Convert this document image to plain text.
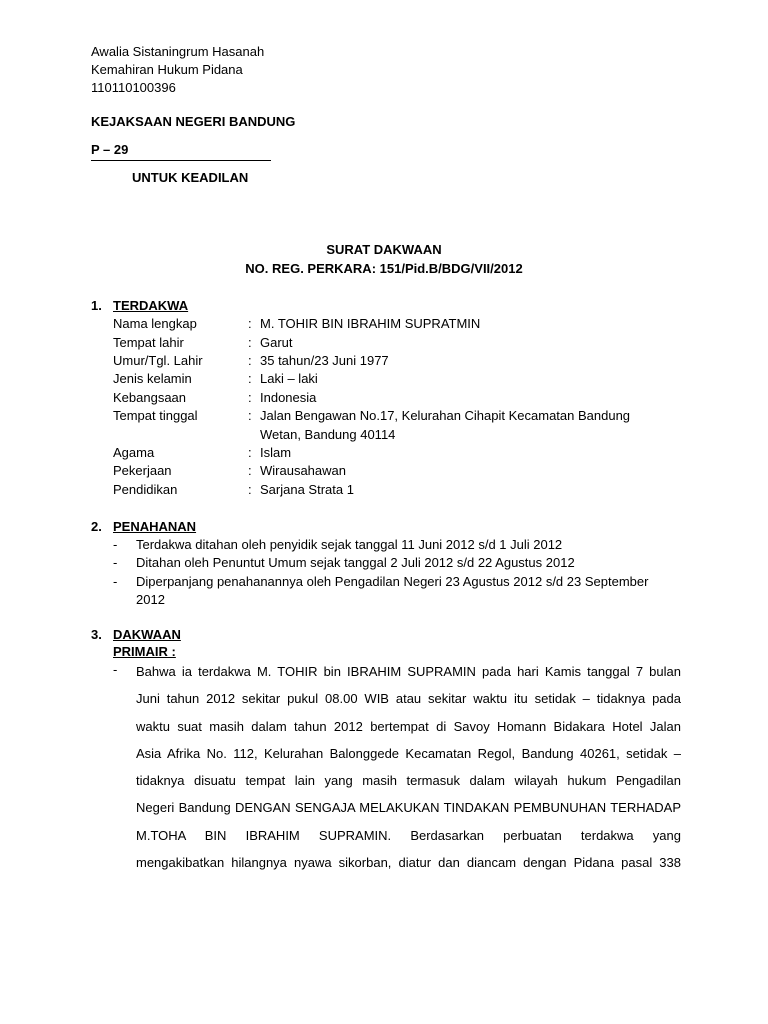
Awalia Sistaningrum Hasanah
Kemahiran Hukum Pidana
110110100396
KEJAKSAAN NEGERI BANDUNG
P – 29
UNTUK KEADILAN
SURAT DAKWAAN
NO. REG. PERKARA: 151/Pid.B/BDG/VII/2012
1. TERDAKWA
Nama lengkap	: M. TOHIR BIN IBRAHIM SUPRATMIN
Tempat lahir	: Garut
Umur/Tgl. Lahir	: 35 tahun/23 Juni 1977
Jenis kelamin	: Laki – laki
Kebangsaan	: Indonesia
Tempat tinggal	: Jalan Bengawan No.17, Kelurahan Cihapit Kecamatan Bandung
Wetan, Bandung 40114
Agama	: Islam
Pekerjaan	: Wirausahawan
Pendidikan	: Sarjana Strata 1
2. PENAHANAN
- Terdakwa ditahan oleh penyidik sejak tanggal 11 Juni 2012 s/d 1 Juli 2012
- Ditahan oleh Penuntut Umum sejak tanggal 2 Juli 2012 s/d 22 Agustus 2012
- Diperpanjang penahanannya oleh Pengadilan Negeri 23 Agustus 2012 s/d 23 September
2012
3. DAKWAAN
PRIMAIR :
- Bahwa ia terdakwa M. TOHIR bin IBRAHIM SUPRAMIN pada hari Kamis tanggal 7 bulan
Juni tahun 2012 sekitar pukul 08.00 WIB atau sekitar waktu itu setidak – tidaknya pada
waktu suat masih dalam tahun 2012 bertempat di Savoy Homann Bidakara Hotel Jalan
Asia Afrika No. 112, Kelurahan Balonggede Kecamatan Regol, Bandung 40261, setidak –
tidaknya disuatu tempat lain yang masih termasuk dalam wilayah hukum Pengadilan
Negeri Bandung DENGAN SENGAJA MELAKUKAN TINDAKAN PEMBUNUHAN TERHADAP
M.TOHA BIN IBRAHIM SUPRAMIN. Berdasarkan perbuatan terdakwa yang
mengakibatkan hilangnya nyawa sikorban, diatur dan diancam dengan Pidana pasal 338
